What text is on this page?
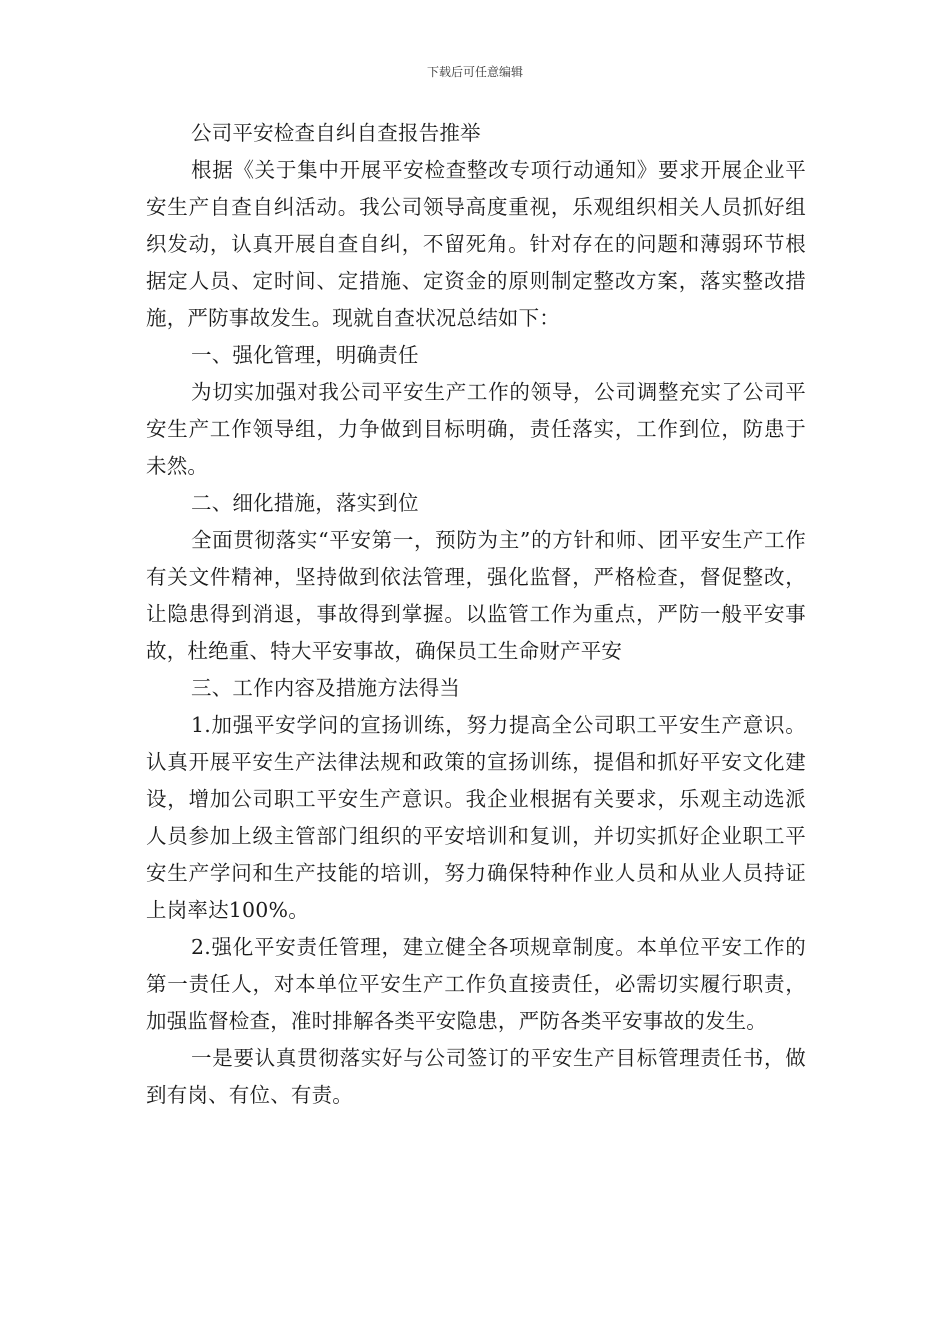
下载后可任意编辑

公司平安检查自纠自查报告推举

根据《关于集中开展平安检查整改专项行动通知》要求开展企业平安生产自查自纠活动。我公司领导高度重视，乐观组织相关人员抓好组织发动，认真开展自查自纠，不留死角。针对存在的问题和薄弱环节根据定人员、定时间、定措施、定资金的原则制定整改方案，落实整改措施，严防事故发生。现就自查状况总结如下：

一、强化管理，明确责任

为切实加强对我公司平安生产工作的领导，公司调整充实了公司平安生产工作领导组，力争做到目标明确，责任落实，工作到位，防患于未然。

二、细化措施，落实到位

全面贯彻落实“平安第一，预防为主”的方针和师、团平安生产工作有关文件精神，坚持做到依法管理，强化监督，严格检查，督促整改，让隐患得到消退，事故得到掌握。以监管工作为重点，严防一般平安事故，杜绝重、特大平安事故，确保员工生命财产平安

三、工作内容及措施方法得当

1.加强平安学问的宣扬训练，努力提高全公司职工平安生产意识。认真开展平安生产法律法规和政策的宣扬训练，提倡和抓好平安文化建设，增加公司职工平安生产意识。我企业根据有关要求，乐观主动选派人员参加上级主管部门组织的平安培训和复训，并切实抓好企业职工平安生产学问和生产技能的培训，努力确保特种作业人员和从业人员持证上岗率达100%。

2.强化平安责任管理，建立健全各项规章制度。本单位平安工作的第一责任人，对本单位平安生产工作负直接责任，必需切实履行职责，加强监督检查，准时排解各类平安隐患，严防各类平安事故的发生。

一是要认真贯彻落实好与公司签订的平安生产目标管理责任书，做到有岗、有位、有责。
